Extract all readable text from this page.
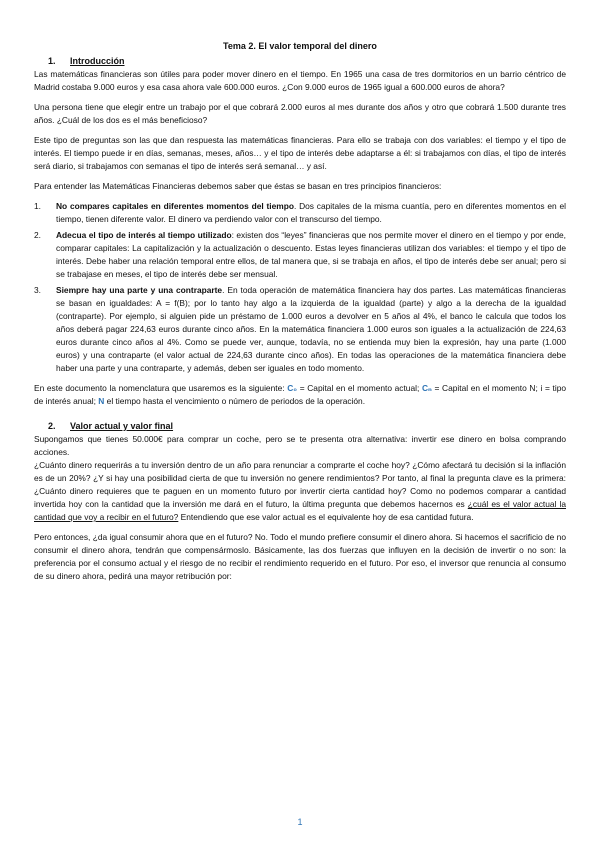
Tema 2. El valor temporal del dinero
1. Introducción

Las matemáticas financieras son útiles para poder mover dinero en el tiempo. En 1965 una casa de tres dormitorios en un barrio céntrico de Madrid costaba 9.000 euros y esa casa ahora vale 600.000 euros. ¿Con 9.000 euros de 1965 igual a 600.000 euros de ahora?

Una persona tiene que elegir entre un trabajo por el que cobrará 2.000 euros al mes durante dos años y otro que cobrará 1.500 durante tres años. ¿Cuál de los dos es el más beneficioso?

Este tipo de preguntas son las que dan respuesta las matemáticas financieras. Para ello se trabaja con dos variables: el tiempo y el tipo de interés. El tiempo puede ir en días, semanas, meses, años… y el tipo de interés debe adaptarse a él: si trabajamos con días, el tipo de interés será diario, si trabajamos con semanas el tipo de interés será semanal… y así.

Para entender las Matemáticas Financieras debemos saber que éstas se basan en tres principios financieros:

1. No compares capitales en diferentes momentos del tiempo. Dos capitales de la misma cuantía, pero en diferentes momentos en el tiempo, tienen diferente valor. El dinero va perdiendo valor con el transcurso del tiempo.
2. Adecua el tipo de interés al tiempo utilizado: existen dos “leyes” financieras que nos permite mover el dinero en el tiempo y por ende, comparar capitales: La capitalización y la actualización o descuento. Estas leyes financieras utilizan dos variables: el tiempo y el tipo de interés. Debe haber una relación temporal entre ellos, de tal manera que, si se trabaja en años, el tipo de interés debe ser anual; pero si se trabajase en meses, el tipo de interés debe ser mensual.
3. Siempre hay una parte y una contraparte. En toda operación de matemática financiera hay dos partes. Las matemáticas financieras se basan en igualdades: A = f(B); por lo tanto hay algo a la izquierda de la igualdad (parte) y algo a la derecha de la igualdad (contraparte). Por ejemplo, si alguien pide un préstamo de 1.000 euros a devolver en 5 años al 4%, el banco le calcula que todos los años deberá pagar 224,63 euros durante cinco años. En la matemática financiera 1.000 euros son iguales a la actualización de 224,63 euros durante cinco años al 4%. Como se puede ver, aunque, todavía, no se entienda muy bien la expresión, hay una parte (1.000 euros) y una contraparte (el valor actual de 224,63 durante cinco años). En todas las operaciones de la matemática financiera debe haber una parte y una contraparte, y además, deben ser iguales en todo momento.

En este documento la nomenclatura que usaremos es la siguiente: C₀ = Capital en el momento actual; Cₙ = Capital en el momento N; i = tipo de interés anual; N el tiempo hasta el vencimiento o número de periodos de la operación.

2. Valor actual y valor final

Supongamos que tienes 50.000€ para comprar un coche, pero se te presenta otra alternativa: invertir ese dinero en bolsa comprando acciones.

¿Cuánto dinero requerirás a tu inversión dentro de un año para renunciar a comprarte el coche hoy? ¿Cómo afectará tu decisión si la inflación es de un 20%? ¿Y si hay una posibilidad cierta de que tu inversión no genere rendimientos? Por tanto, al final la pregunta clave es la primera: ¿Cuánto dinero requieres que te paguen en un momento futuro por invertir cierta cantidad hoy? Como no podemos comparar a cantidad invertida hoy con la cantidad que la inversión me dará en el futuro, la última pregunta que debemos hacernos es ¿cuál es el valor actual la cantidad que voy a recibir en el futuro? Entendiendo que ese valor actual es el equivalente hoy de esa cantidad futura.

Pero entonces, ¿da igual consumir ahora que en el futuro? No. Todo el mundo prefiere consumir el dinero ahora. Si hacemos el sacrificio de no consumir el dinero ahora, tendrán que compensármoslo. Básicamente, las dos fuerzas que influyen en la decisión de invertir o no son: la preferencia por el consumo actual y el riesgo de no recibir el rendimiento requerido en el futuro. Por eso, el inversor que renuncia al consumo de su dinero ahora, pedirá una mayor retribución por:

1
